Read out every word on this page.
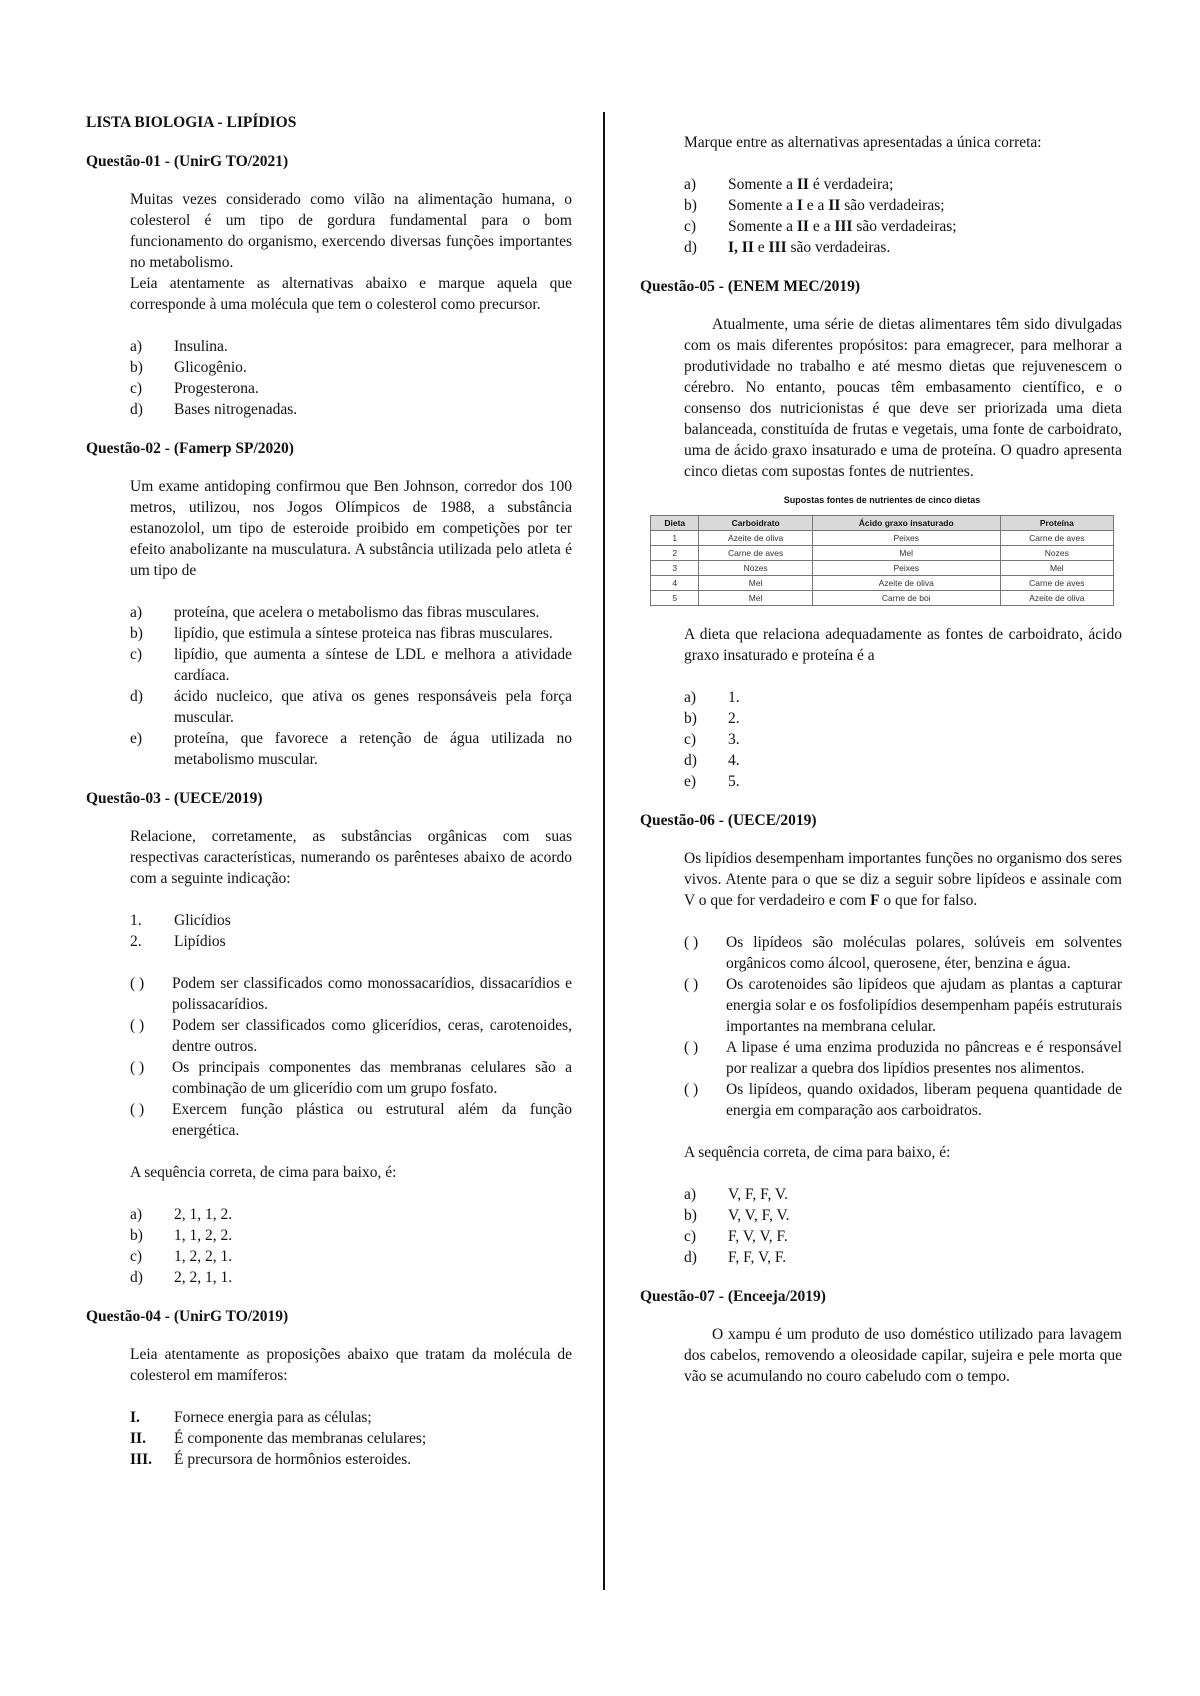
LISTA BIOLOGIA - LIPÍDIOS
Questão-01 - (UnirG TO/2021)

Muitas vezes considerado como vilão na alimentação humana, o colesterol é um tipo de gordura fundamental para o bom funcionamento do organismo, exercendo diversas funções importantes no metabolismo.

Leia atentamente as alternativas abaixo e marque aquela que corresponde à uma molécula que tem o colesterol como precursor.

a)	Insulina.
b)	Glicogênio.
c)	Progesterona.
d)	Bases nitrogenadas.
Questão-02 - (Famerp SP/2020)

Um exame antidoping confirmou que Ben Johnson, corredor dos 100 metros, utilizou, nos Jogos Olímpicos de 1988, a substância estanozolol, um tipo de esteroide proibido em competições por ter efeito anabolizante na musculatura. A substância utilizada pelo atleta é um tipo de

a)	proteína, que acelera o metabolismo das fibras musculares.
b)	lipídio, que estimula a síntese proteica nas fibras musculares.
c)	lipídio, que aumenta a síntese de LDL e melhora a atividade cardíaca.
d)	ácido nucleico, que ativa os genes responsáveis pela força muscular.
e)	proteína, que favorece a retenção de água utilizada no metabolismo muscular.
Questão-03 - (UECE/2019)

Relacione, corretamente, as substâncias orgânicas com suas respectivas características, numerando os parênteses abaixo de acordo com a seguinte indicação:

1.	Glicídios
2.	Lipídios
( )	Podem ser classificados como monossacarídios, dissacarídios e polissacarídios.
( )	Podem ser classificados como glicerídios, ceras, carotenoides, dentre outros.
( )	Os principais componentes das membranas celulares são a combinação de um glicerídio com um grupo fosfato.
( )	Exercem função plástica ou estrutural além da função energética.

A sequência correta, de cima para baixo, é:

a)	2, 1, 1, 2.
b)	1, 1, 2, 2.
c)	1, 2, 2, 1.
d)	2, 2, 1, 1.
Questão-04 - (UnirG TO/2019)

Leia atentamente as proposições abaixo que tratam da molécula de colesterol em mamíferos:

I.	Fornece energia para as células;
II.	É componente das membranas celulares;
III.	É precursora de hormônios esteroides.

Marque entre as alternativas apresentadas a única correta:

a)	Somente a II é verdadeira;
b)	Somente a I e a II são verdadeiras;
c)	Somente a II e a III são verdadeiras;
d)	I, II e III são verdadeiras.
Questão-05 - (ENEM MEC/2019)

Atualmente, uma série de dietas alimentares têm sido divulgadas com os mais diferentes propósitos: para emagrecer, para melhorar a produtividade no trabalho e até mesmo dietas que rejuvenescem o cérebro. No entanto, poucas têm embasamento científico, e o consenso dos nutricionistas é que deve ser priorizada uma dieta balanceada, constituída de frutas e vegetais, uma fonte de carboidrato, uma de ácido graxo insaturado e uma de proteína. O quadro apresenta cinco dietas com supostas fontes de nutrientes.

Supostas fontes de nutrientes de cinco dietas
Dieta	Carboidrato	Ácido graxo insaturado	Proteína
1	Azeite de oliva	Peixes	Carne de aves
2	Carne de aves	Mel	Nozes
3	Nozes	Peixes	Mel
4	Mel	Azeite de oliva	Carne de aves
5	Mel	Carne de boi	Azeite de oliva

A dieta que relaciona adequadamente as fontes de carboidrato, ácido graxo insaturado e proteína é a

a)	1.
b)	2.
c)	3.
d)	4.
e)	5.
Questão-06 - (UECE/2019)

Os lipídios desempenham importantes funções no organismo dos seres vivos. Atente para o que se diz a seguir sobre lipídeos e assinale com V o que for verdadeiro e com F o que for falso.

( )	Os lipídeos são moléculas polares, solúveis em solventes orgânicos como álcool, querosene, éter, benzina e água.
( )	Os carotenoides são lipídeos que ajudam as plantas a capturar energia solar e os fosfolipídios desempenham papéis estruturais importantes na membrana celular.
( )	A lipase é uma enzima produzida no pâncreas e é responsável por realizar a quebra dos lipídios presentes nos alimentos.
( )	Os lipídeos, quando oxidados, liberam pequena quantidade de energia em comparação aos carboidratos.

A sequência correta, de cima para baixo, é:

a)	V, F, F, V.
b)	V, V, F, V.
c)	F, V, V, F.
d)	F, F, V, F.
Questão-07 - (Enceeja/2019)

O xampu é um produto de uso doméstico utilizado para lavagem dos cabelos, removendo a oleosidade capilar, sujeira e pele morta que vão se acumulando no couro cabeludo com o tempo.
